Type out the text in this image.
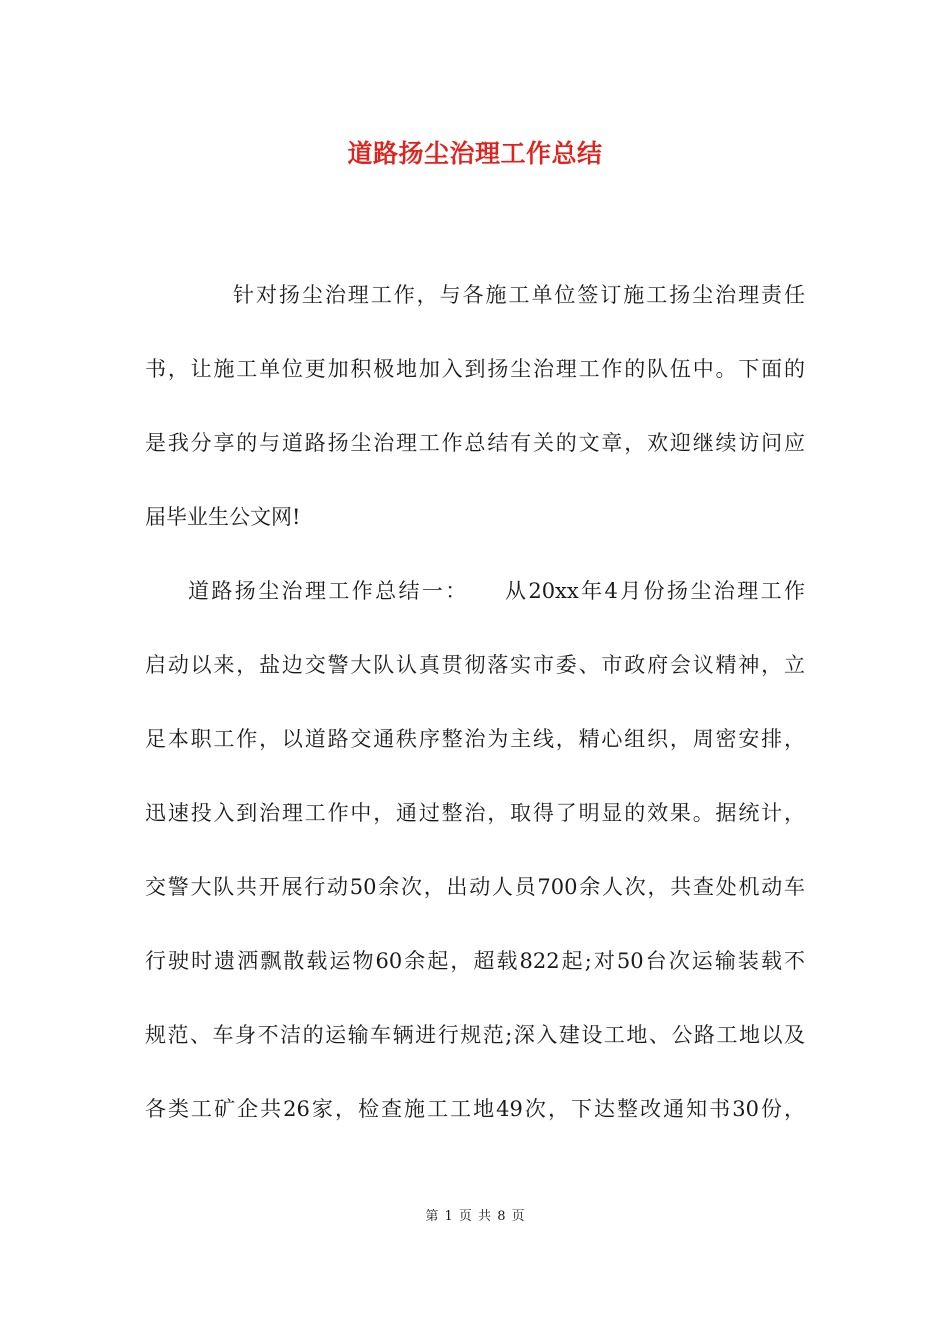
道路扬尘治理工作总结
针对扬尘治理工作，与各施工单位签订施工扬尘治理责任
书，让施工单位更加积极地加入到扬尘治理工作的队伍中。下面的
是我分享的与道路扬尘治理工作总结有关的文章，欢迎继续访问应
届毕业生公文网!
道路扬尘治理工作总结一：　　从20xx年4月份扬尘治理工作
启动以来，盐边交警大队认真贯彻落实市委、市政府会议精神，立
足本职工作，以道路交通秩序整治为主线，精心组织，周密安排，
迅速投入到治理工作中，通过整治，取得了明显的效果。据统计，
交警大队共开展行动50余次，出动人员700余人次，共查处机动车
行驶时遗洒飘散载运物60余起，超载822起;对50台次运输装载不
规范、车身不洁的运输车辆进行规范;深入建设工地、公路工地以及
各类工矿企共26家，检查施工工地49次，下达整改通知书30份，
第 1 页 共 8 页
